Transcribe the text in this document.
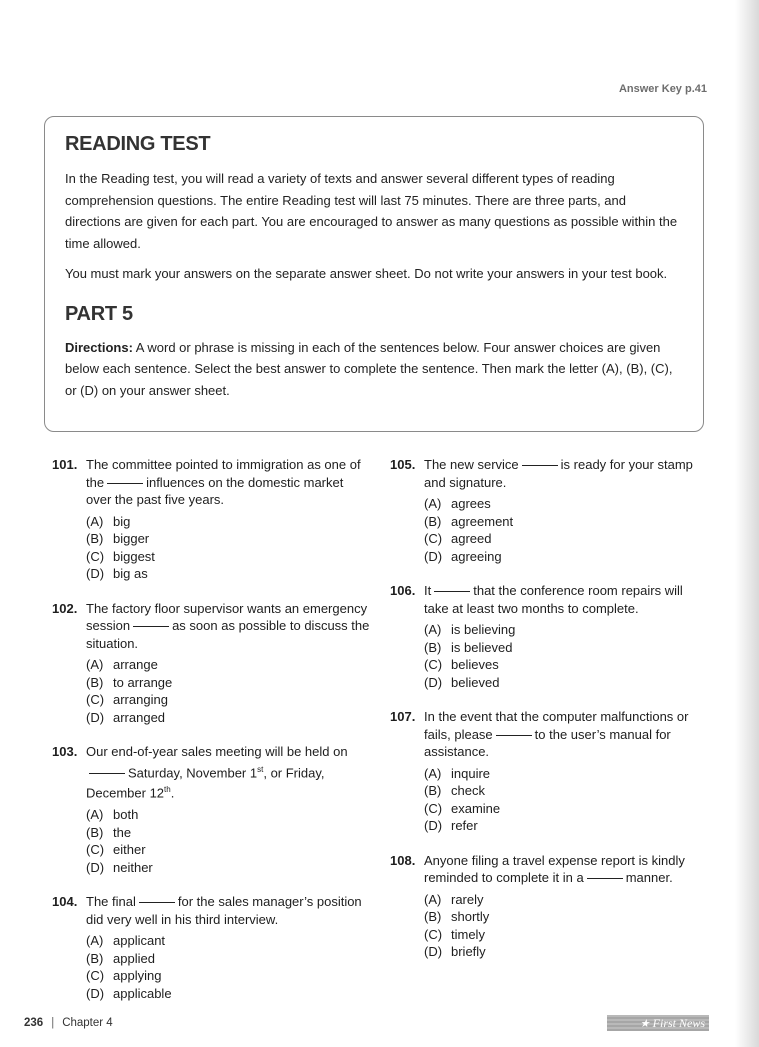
Answer Key p.41
READING TEST

In the Reading test, you will read a variety of texts and answer several different types of reading comprehension questions. The entire Reading test will last 75 minutes. There are three parts, and directions are given for each part. You are encouraged to answer as many questions as possible within the time allowed.

You must mark your answers on the separate answer sheet. Do not write your answers in your test book.

PART 5

Directions: A word or phrase is missing in each of the sentences below. Four answer choices are given below each sentence. Select the best answer to complete the sentence. Then mark the letter (A), (B), (C), or (D) on your answer sheet.

101. The committee pointed to immigration as one of the	influences on the domestic market over the past five years.
(A) big
(B) bigger
(C) biggest
(D) big as
102. The factory floor supervisor wants an emergency session	as soon as possible to discuss the situation.
(A) arrange
(B) to arrange
(C) arranging
(D) arranged
103. Our end-of-year sales meeting will be held on Saturday, November 1st, or Friday, December 12th.
(A) both
(B) the
(C) either
(D) neither
104. The final	for the sales manager’s position did very well in his third interview.
(A) applicant
(B) applied
(C) applying
(D) applicable
105. The new service	is ready for your stamp and signature.
(A) agrees
(B) agreement
(C) agreed
(D) agreeing
106. It	that the conference room repairs will take at least two months to complete.
(A) is believing
(B) is believed
(C) believes
(D) believed
107. In the event that the computer malfunctions or fails, please	to the user’s manual for assistance.
(A) inquire
(B) check
(C) examine
(D) refer
108. Anyone filing a travel expense report is kindly reminded to complete it in a	manner.
(A) rarely
(B) shortly
(C) timely
(D) briefly
236 | Chapter 4	★ First News
